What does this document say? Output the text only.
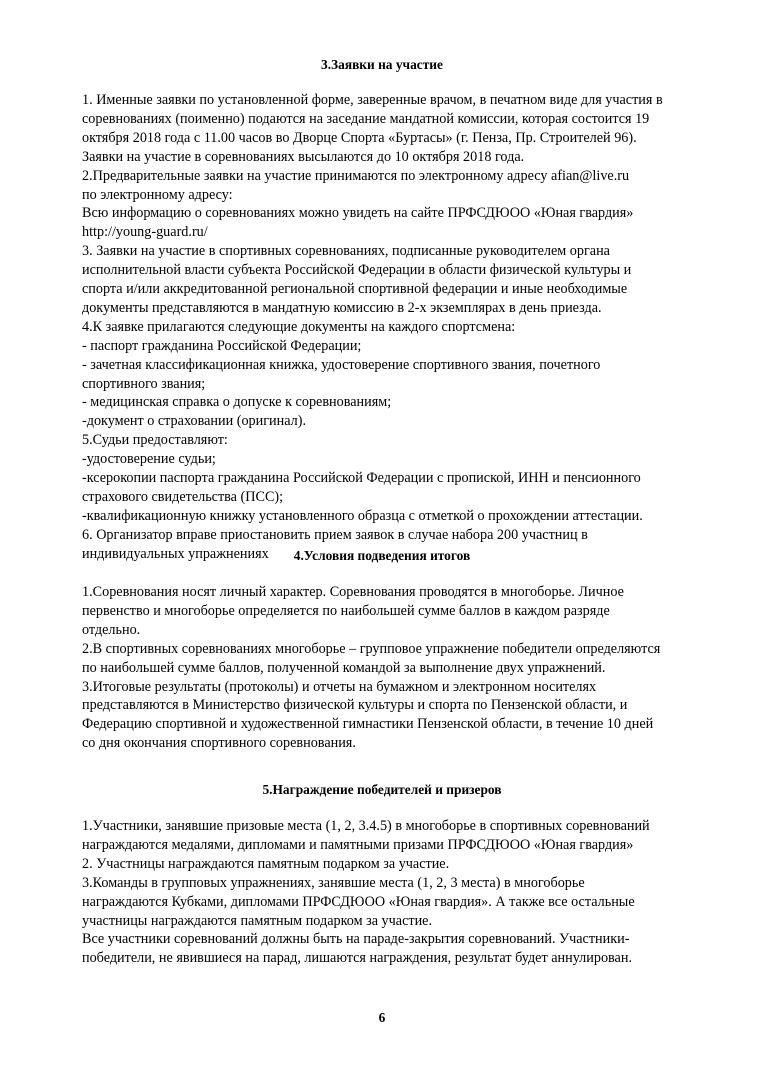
3.Заявки на участие
1. Именные заявки по установленной форме, заверенные врачом, в печатном виде для участия в
соревнованиях (поименно) подаются на заседание мандатной комиссии, которая состоится 19
октября 2018 года с 11.00 часов во Дворце Спорта «Буртасы» (г. Пенза, Пр. Строителей 96).
Заявки на участие в соревнованиях высылаются до 10 октября 2018 года.
2.Предварительные заявки на участие принимаются по электронному адресу afian@live.ru
по электронному адресу:
Всю информацию о соревнованиях можно увидеть на сайте ПРФСДЮОО «Юная гвардия»
http://young-guard.ru/
3. Заявки на участие в спортивных соревнованиях, подписанные руководителем органа
исполнительной власти субъекта Российской Федерации в области физической культуры и
спорта и/или аккредитованной региональной спортивной федерации и иные необходимые
документы представляются в мандатную комиссию в 2-х экземплярах в день приезда.
4.К заявке прилагаются следующие документы на каждого спортсмена:
- паспорт гражданина Российской Федерации;
- зачетная классификационная книжка, удостоверение спортивного звания, почетного
спортивного звания;
- медицинская справка о допуске к соревнованиям;
-документ о страховании (оригинал).
5.Судьи предоставляют:
-удостоверение судьи;
-ксерокопии паспорта гражданина Российской Федерации с пропиской, ИНН и пенсионного
страхового свидетельства (ПСС);
-квалификационную книжку установленного образца с отметкой о прохождении аттестации.
6. Организатор вправе приостановить прием заявок в случае набора 200 участниц в
индивидуальных упражнениях	4.Условия подведения итогов
1.Соревнования носят личный характер. Соревнования проводятся в многоборье. Личное
первенство и многоборье определяется по наибольшей сумме баллов в каждом разряде
отдельно.
2.В спортивных соревнованиях многоборье – групповое упражнение победители определяются
по наибольшей сумме баллов, полученной командой за выполнение двух упражнений.
3.Итоговые результаты (протоколы) и отчеты на бумажном и электронном носителях
представляются в Министерство физической культуры и спорта по Пензенской области, и
Федерацию спортивной и художественной гимнастики Пензенской области, в течение 10 дней
со дня окончания спортивного соревнования.
5.Награждение победителей и призеров
1.Участники, занявшие призовые места (1, 2, 3.4.5) в многоборье в спортивных соревнований
награждаются медалями, дипломами и памятными призами ПРФСДЮОО «Юная гвардия»
2. Участницы награждаются памятным подарком за участие.
3.Команды в групповых упражнениях, занявшие места (1, 2, 3 места) в многоборье
награждаются Кубками, дипломами ПРФСДЮОО «Юная гвардия». А также все остальные
участницы награждаются памятным подарком за участие.
Все участники соревнований должны быть на параде-закрытия соревнований. Участники-
победители, не явившиеся на парад, лишаются награждения, результат будет аннулирован.
6
